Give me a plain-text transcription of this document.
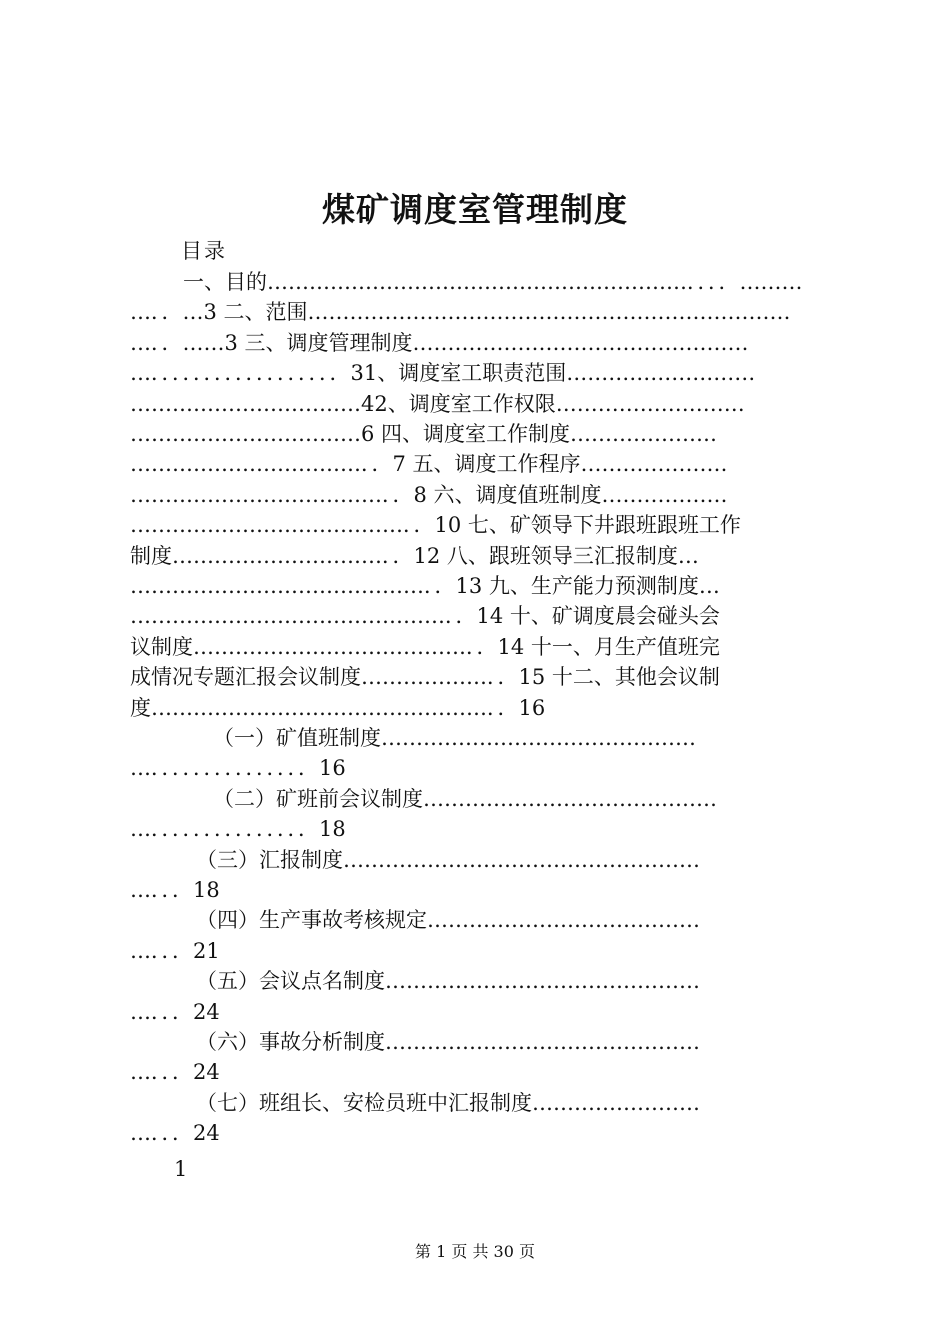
煤矿调度室管理制度
目录
一、目的……………………………………………………．．．．………
…．．…3 二、范围……………………………………………………………
…．．……3 三、调度管理制度…………………………………………
…．．．．．．．．．．．．．．．．．．31、调度室工职责范围………………………
……………………………42、调度室工作权限………………………
……………………………6 四、调度室工作制度…………………
……………………………．．7 五、调度工作程序…………………
………………………………．．8 六、调度值班制度………………
…………………………………．．10 七、矿领导下井跟班跟班工作
制度…………………………．．12 八、跟班领导三汇报制度…
……………………………………．．13 九、生产能力预测制度…
………………………………………．．14 十、矿调度晨会碰头会
议制度…………………………………．．14 十一、月生产值班完
成情况专题汇报会议制度………………．．15 十二、其他会议制
度…………………………………………．．16
（一）矿值班制度………………………………………
…．．．．．．．．．．．．．．．16
（二）矿班前会议制度……………………………………
…．．．．．．．．．．．．．．．18
（三）汇报制度……………………………………………
…．．．18
（四）生产事故考核规定…………………………………
…．．．21
（五）会议点名制度………………………………………
…．．．24
（六）事故分析制度………………………………………
…．．．24
（七）班组长、安检员班中汇报制度……………………
…．．．24
1
第 1 页 共 30 页
